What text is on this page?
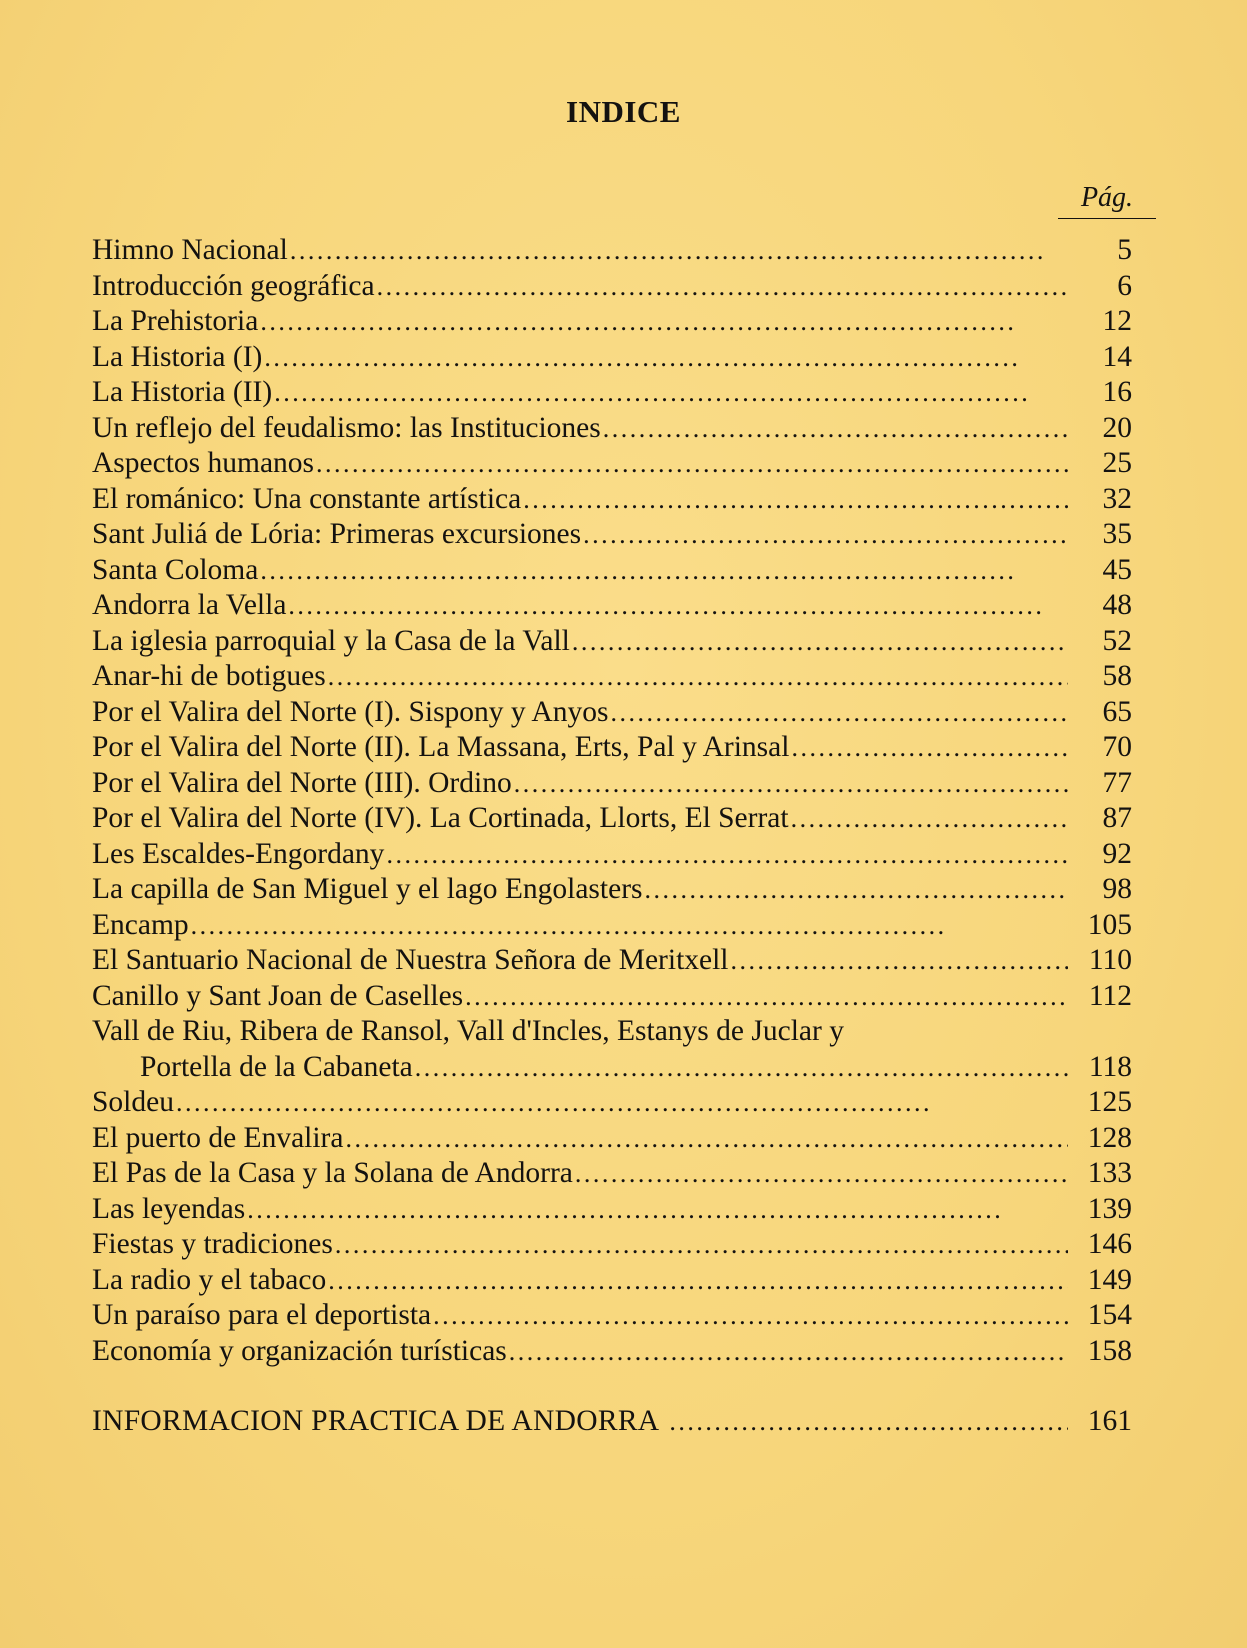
INDICE
Pág.
Himno Nacional . . .	5
Introducción geográfica . . .	6
La Prehistoria . . .	12
La Historia (I) . . .	14
La Historia (II) . . .	16
Un reflejo del feudalismo: las Instituciones . . .	20
Aspectos humanos . . .	25
El románico: Una constante artística . . .	32
Sant Juliá de Lória: Primeras excursiones . . .	35
Santa Coloma . . .	45
Andorra la Vella . . .	48
La iglesia parroquial y la Casa de la Vall . . .	52
Anar-hi de botigues . . .	58
Por el Valira del Norte (I). Sispony y Anyos . . .	65
Por el Valira del Norte (II). La Massana, Erts, Pal y Arinsal . . .	70
Por el Valira del Norte (III). Ordino . . .	77
Por el Valira del Norte (IV). La Cortinada, Llorts, El Serrat . . .	87
Les Escaldes-Engordany . . .	92
La capilla de San Miguel y el lago Engolasters . . .	98
Encamp . . .	105
El Santuario Nacional de Nuestra Señora de Meritxell . . .	110
Canillo y Sant Joan de Caselles . . .	112
Vall de Riu, Ribera de Ransol, Vall d'Incles, Estanys de Juclar y
Portella de la Cabaneta . . .	118
Soldeu . . .	125
El puerto de Envalira . . .	128
El Pas de la Casa y la Solana de Andorra . . .	133
Las leyendas . . .	139
Fiestas y tradiciones . . .	146
La radio y el tabaco . . .	149
Un paraíso para el deportista . . .	154
Economía y organización turísticas . . .	158
INFORMACION PRACTICA DE ANDORRA . . .	161
